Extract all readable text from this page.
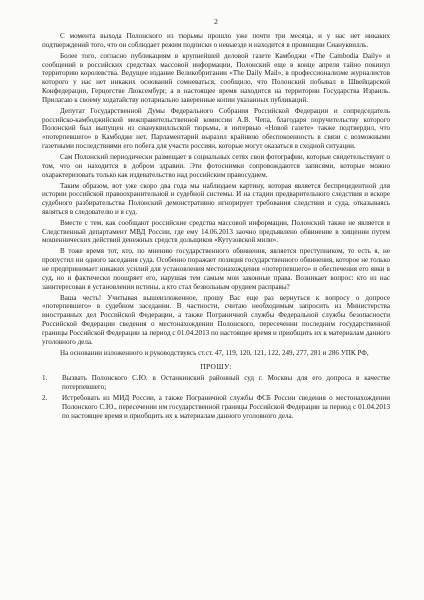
2

С момента выхода Полонского из тюрьмы прошло уже почти три месяца, и у нас нет никаких подтверждений того, что он соблюдает режим подписки о невыезде и находится в провинции Сиануквилль.

Более того, согласно публикациям в крупнейшей деловой газете Камбоджи «The Cambodia Daily» и сообщений в российских средствах массовой информации, Полонский еще в конце апреля тайно покинул территорию королевства. Ведущее издание Великобритании «The Daily Mail», в профессионализме журналистов которого у нас нет никаких оснований сомневаться, сообщило, что Полонский побывал в Швейцарской Конфедерации, Герцогстве Люксембург, а в настоящее время находится на территории Государства Израиль. Прилагаю к своему ходатайству нотариально заверенные копии указанных публикаций.

Депутат Государственной Думы Федерального Собрания Российской Федерации и сопредседатель российско-камбоджийской межправительственной комиссии А.В. Чепа, благодаря поручительству которого Полонский был выпущен из сиануквилльской тюрьмы, в интервью «Новой газете» также подтвердил, что «потерпевшего» в Камбодже нет. Парламентарий выразил крайнюю обеспокоенность в связи с возможными газетными последствиями его побега для участи россиян, которые могут оказаться в сходной ситуации.

Сам Полонский периодически размещает в социальных сетях свои фотографии, которые свидетельствуют о том, что он находится в добром здравии. Эти фотоснимки сопровождаются записями, которые можно охарактеризовать только как издевательство над российским правосудием.

Таким образом, вот уже скоро два года мы наблюдаем картину, которая является беспрецедентной для истории российской правоохранительной и судебной системы. И на стадии предварительного следствия и вскоре судебного разбирательства Полонский демонстративно игнорирует требования следствия и суда, отказываясь являться в следователю и в суд.

Вместе с тем, как сообщают российские средства массовой информации, Полонский также не является в Следственный департамент МВД России, где ему 14.06.2013 заочно предъявлено обвинение в хищении путем мошеннических действий денежных средств дольщиков «Кутузовской мили».

В тоже время тот, кто, по мнению государственного обвинения, является преступником, то есть я, не пропустил ни одного заседания суда. Особенно поражает позиция государственного обвинения, которое не только не предпринимает никаких усилий для установления местонахождения «потерпевшего» и обеспечения его явки в суд, но и фактически поощряет его, нарушая тем самым мои законные права. Возникает вопрос: кто из нас заинтересован в установлении истины, а кто стал безвольным орудием расправы?

Ваша честь! Учитывая вышеизложенное, прошу Вас еще раз вернуться к вопросу о допросе «потерпевшего» в судебном заседании. В частности, считаю необходимым запросить из Министерства иностранных дел Российской Федерации, а также Пограничной службы Федеральной службы безопасности Российской Федерации сведения о местонахождении Полонского, пересечении последним государственной границы Российской Федерации за период с 01.04.2013 по настоящее время и приобщить их к материалам данного уголовного дела.

На основании изложенного и руководствуясь ст.ст. 47, 119, 120, 121, 122, 249, 277, 281 и 286 УПК РФ,

ПРОШУ:
1.	Вызвать Полонского С.Ю. в Останкинский районный суд г. Москвы для его допроса в качестве потерпевшего;
2.	Истребовать из МИД России, а также Пограничной службы ФСБ России сведения о местонахождении Полонского С.Ю., пересечении им государственной границы Российской Федерации за период с 01.04.2013 по настоящее время и приобщить их к материалам данного уголовного дела.
